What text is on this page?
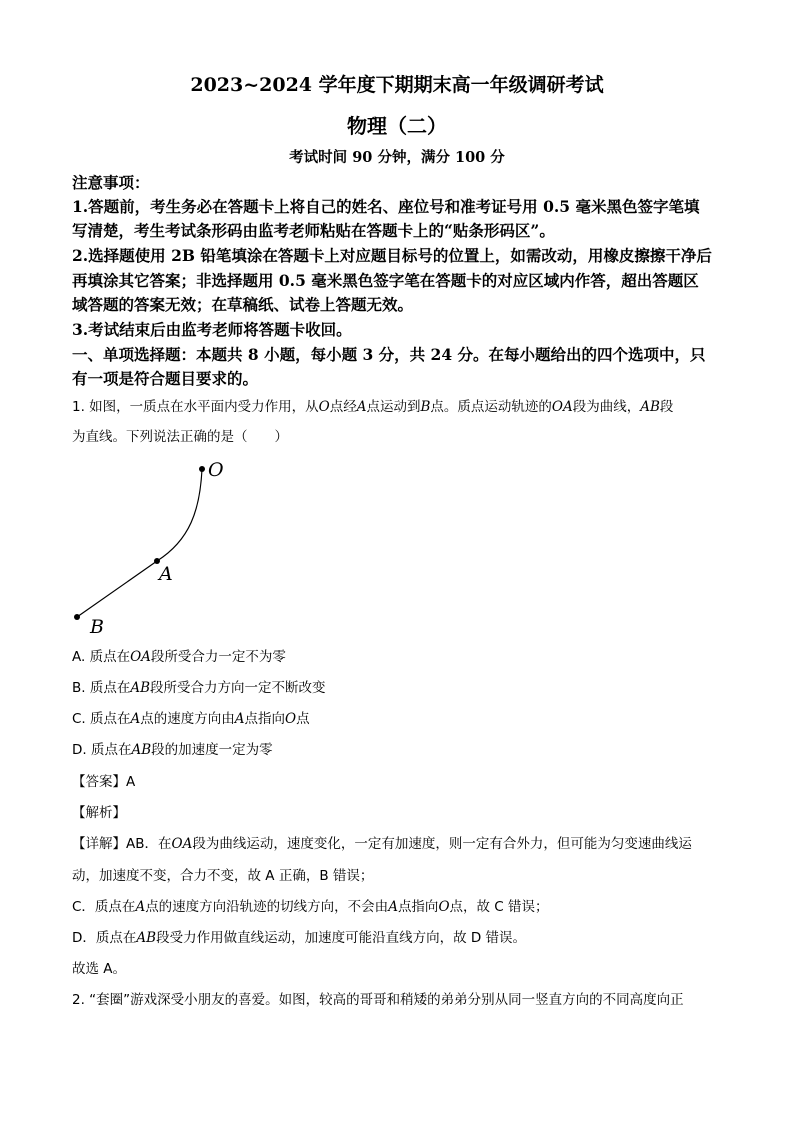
2023~2024 学年度下期期末高一年级调研考试
物理（二）
考试时间 90 分钟，满分 100 分
注意事项：
1.答题前，考生务必在答题卡上将自己的姓名、座位号和准考证号用 0.5 毫米黑色签字笔填
写清楚，考生考试条形码由监考老师粘贴在答题卡上的“贴条形码区”。
2.选择题使用 2B 铅笔填涂在答题卡上对应题目标号的位置上，如需改动，用橡皮擦擦干净后
再填涂其它答案；非选择题用 0.5 毫米黑色签字笔在答题卡的对应区域内作答，超出答题区
域答题的答案无效；在草稿纸、试卷上答题无效。
3.考试结束后由监考老师将答题卡收回。
一、单项选择题：本题共 8 小题，每小题 3 分，共 24 分。在每小题给出的四个选项中，只
有一项是符合题目要求的。
1. 如图，一质点在水平面内受力作用，从O点经A点运动到B点。质点运动轨迹的OA段为曲线，AB段
为直线。下列说法正确的是（　　）
O
A
B
A. 质点在OA段所受合力一定不为零
B. 质点在AB段所受合力方向一定不断改变
C. 质点在A点的速度方向由A点指向O点
D. 质点在AB段的加速度一定为零
【答案】A
【解析】
【详解】AB．在OA段为曲线运动，速度变化，一定有加速度，则一定有合外力，但可能为匀变速曲线运
动，加速度不变，合力不变，故 A 正确，B 错误；
C．质点在A点的速度方向沿轨迹的切线方向，不会由A点指向O点，故 C 错误；
D．质点在AB段受力作用做直线运动，加速度可能沿直线方向，故 D 错误。
故选 A。
2. “套圈”游戏深受小朋友的喜爱。如图，较高的哥哥和稍矮的弟弟分别从同一竖直方向的不同高度向正
